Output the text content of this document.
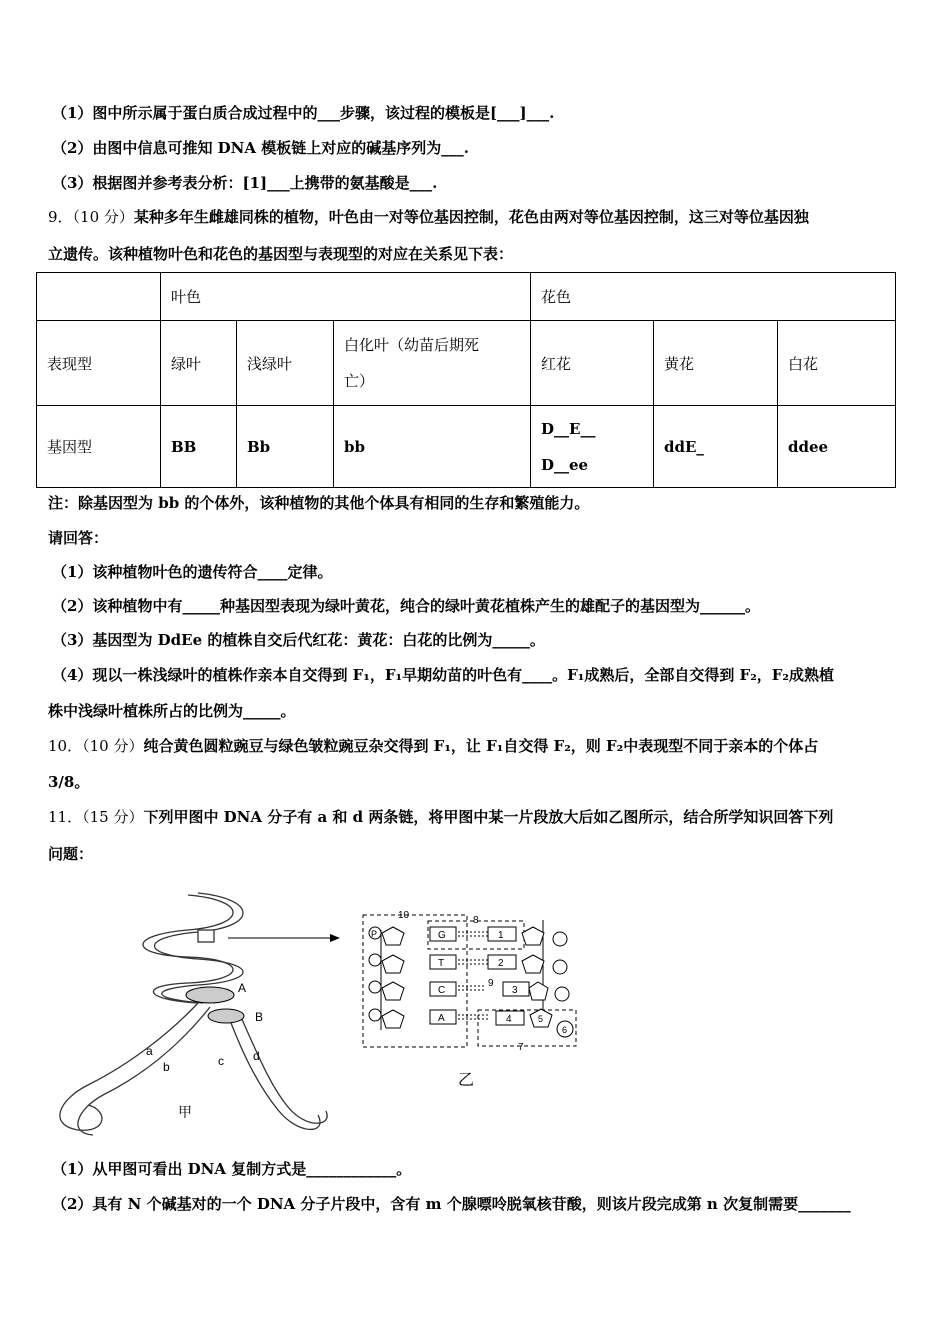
（1）图中所示属于蛋白质合成过程中的___步骤，该过程的模板是[___]___.
（2）由图中信息可推知 DNA 模板链上对应的碱基序列为___.
（3）根据图并参考表分析：[1]___上携带的氨基酸是___.
9．（10 分）某种多年生雌雄同株的植物，叶色由一对等位基因控制，花色由两对等位基因控制，这三对等位基因独
立遗传。该种植物叶色和花色的基因型与表现型的对应在关系见下表：
	叶色			花色		
表现型	绿叶	浅绿叶	白化叶（幼苗后期死
亡）	红花	黄花	白花
基因型	BB	Bb	bb	D__E__
D__ee	ddE_	ddee
注：除基因型为 bb 的个体外，该种植物的其他个体具有相同的生存和繁殖能力。
请回答：
（1）该种植物叶色的遗传符合____定律。
（2）该种植物中有_____种基因型表现为绿叶黄花，纯合的绿叶黄花植株产生的雄配子的基因型为______。
（3）基因型为 DdEe 的植株自交后代红花：黄花：白花的比例为_____。
（4）现以一株浅绿叶的植株作亲本自交得到 F₁，F₁早期幼苗的叶色有____。F₁成熟后，全部自交得到 F₂，F₂成熟植
株中浅绿叶植株所占的比例为_____。
10．（10 分）纯合黄色圆粒豌豆与绿色皱粒豌豆杂交得到 F₁，让 F₁自交得 F₂，则 F₂中表现型不同于亲本的个体占
3/8。
11．（15 分）下列甲图中 DNA 分子有 a 和 d 两条链，将甲图中某一片段放大后如乙图所示，结合所学知识回答下列
问题：
A
B
a
b	c d
甲
10	8
9
7
P	G	1
T	2
C	3
A	4	5
6
乙
（1）从甲图可看出 DNA 复制方式是____________。
（2）具有 N 个碱基对的一个 DNA 分子片段中，含有 m 个腺嘌呤脱氧核苷酸，则该片段完成第 n 次复制需要_______
